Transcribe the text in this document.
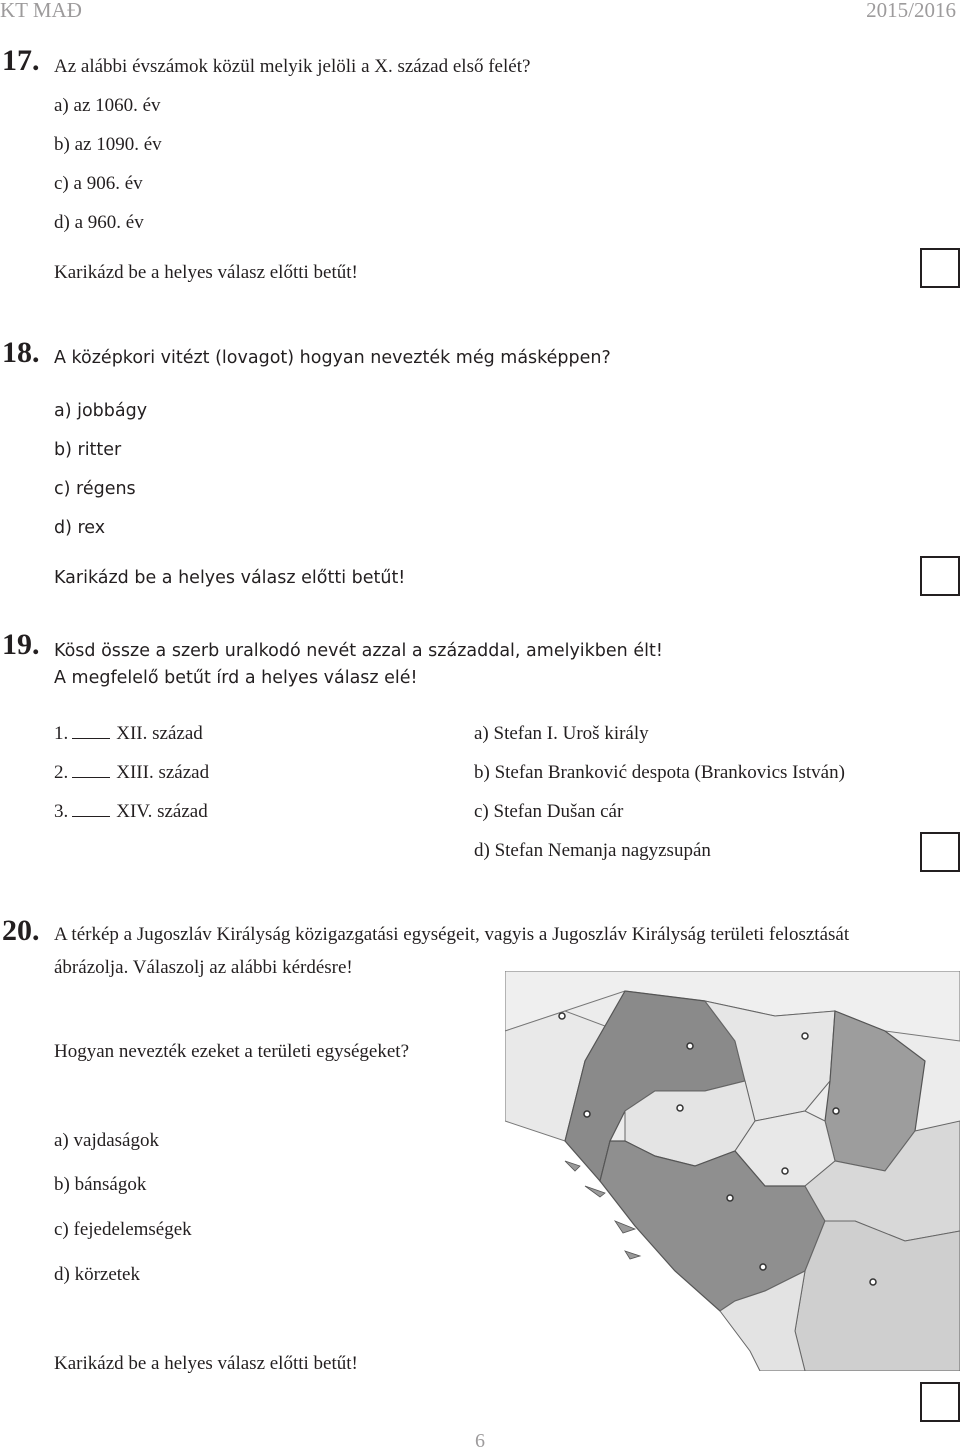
KT MAĐ	2015/2016
17. Az alábbi évszámok közül melyik jelöli a X. század első felét?
a) az 1060. év
b) az 1090. év
c) a 906. év
d) a 960. év
Karikázd be a helyes válasz előtti betűt!
18. A középkori vitézt (lovagot) hogyan nevezték még másképpen?
a) jobbágy
b) ritter
c) régens
d) rex
Karikázd be a helyes válasz előtti betűt!
19. Kösd össze a szerb uralkodó nevét azzal a századdal, amelyikben élt!
A megfelelő betűt írd a helyes válasz elé!
1.	XII. század
2.	XIII. század
3.	XIV. század
a) Stefan I. Uroš király
b) Stefan Branković despota (Brankovics István)
c) Stefan Dušan cár
d) Stefan Nemanja nagyzsupán
20. A térkép a Jugoszláv Királyság közigazgatási egységeit, vagyis a Jugoszláv Királyság területi felosztását
ábrázolja. Válaszolj az alábbi kérdésre!
Hogyan nevezték ezeket a területi egységeket?
a) vajdaságok
b) bánságok
c) fejedelemségek
d) körzetek
Karikázd be a helyes válasz előtti betűt!
6
